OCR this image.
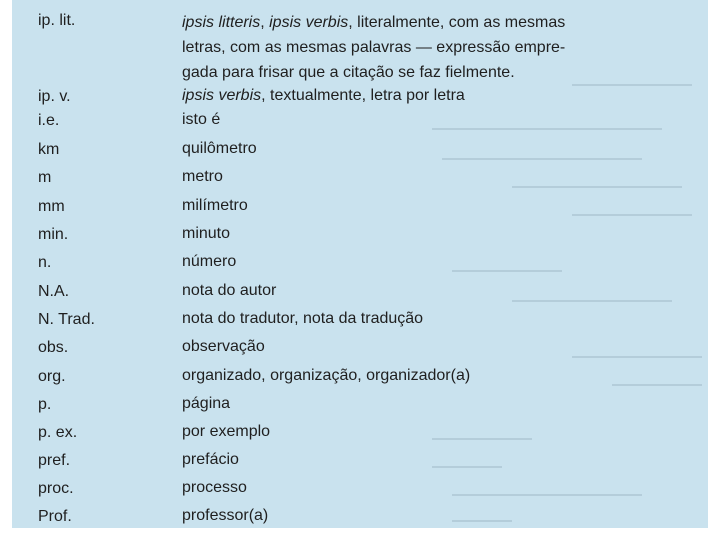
ip. lit.	ipsis litteris, ipsis verbis, literalmente, com as mesmas
letras, com as mesmas palavras — expressão empre-
gada para frisar que a citação se faz fielmente.
ip. v.	ipsis verbis, textualmente, letra por letra
i.e.	isto é
km	quilômetro
m	metro
mm	milímetro
min.	minuto
n.	número
N.A.	nota do autor
N. Trad.	nota do tradutor, nota da tradução
obs.	observação
org.	organizado, organização, organizador(a)
p.	página
p. ex.	por exemplo
pref.	prefácio
proc.	processo
Prof.	professor(a)
